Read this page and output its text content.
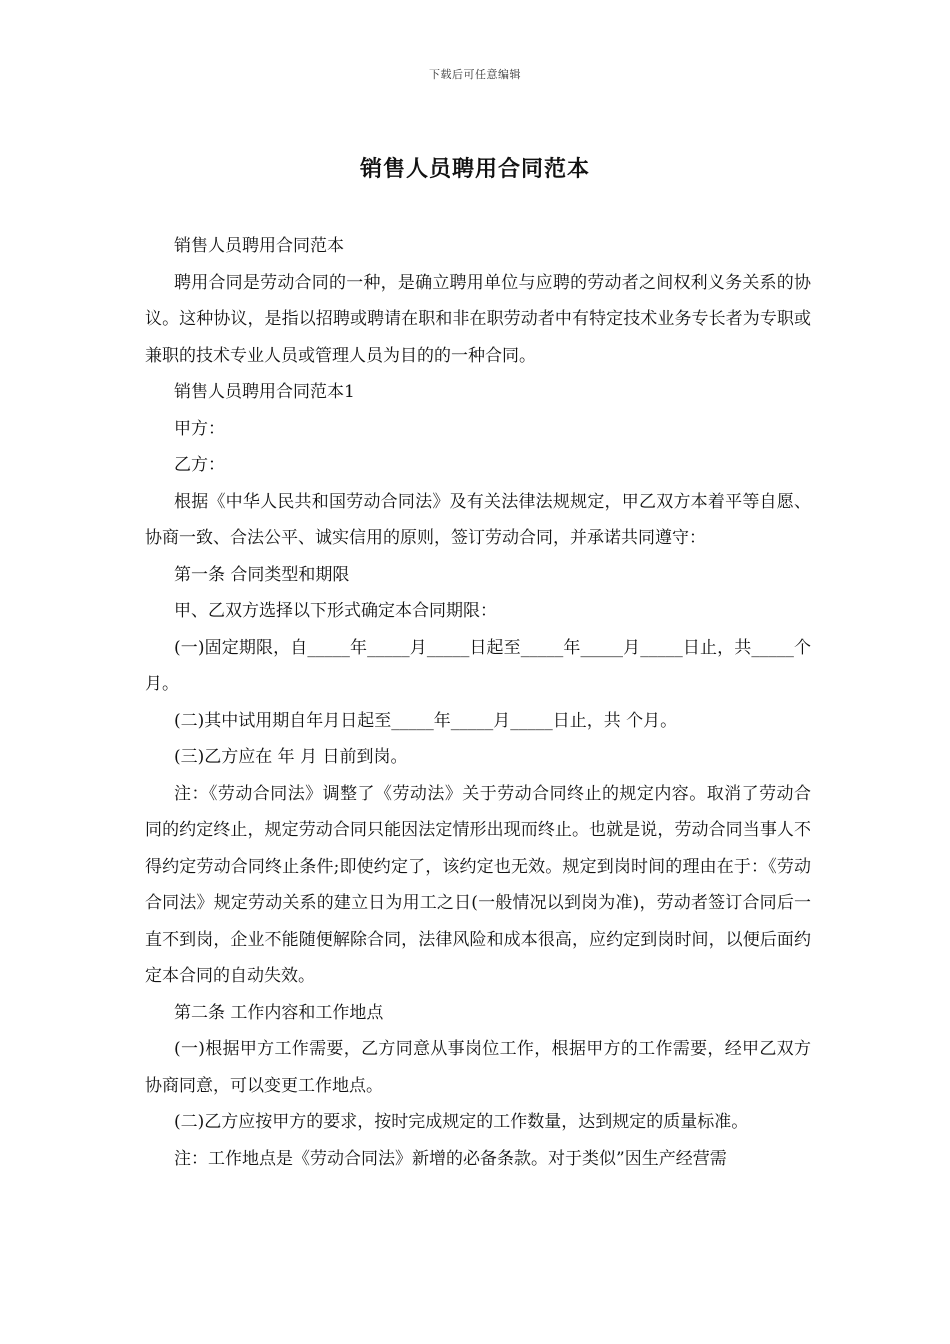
下载后可任意编辑
销售人员聘用合同范本

销售人员聘用合同范本

聘用合同是劳动合同的一种，是确立聘用单位与应聘的劳动者之间权利义务关系的协议。这种协议，是指以招聘或聘请在职和非在职劳动者中有特定技术业务专长者为专职或兼职的技术专业人员或管理人员为目的的一种合同。

销售人员聘用合同范本1

甲方：

乙方：

根据《中华人民共和国劳动合同法》及有关法律法规规定，甲乙双方本着平等自愿、协商一致、合法公平、诚实信用的原则，签订劳动合同，并承诺共同遵守：

第一条 合同类型和期限

甲、乙双方选择以下形式确定本合同期限：

(一)固定期限，自_____年_____月_____日起至_____年_____月_____日止，共_____个月。

(二)其中试用期自年月日起至_____年_____月_____日止，共 个月。

(三)乙方应在 年 月 日前到岗。

注：《劳动合同法》调整了《劳动法》关于劳动合同终止的规定内容。取消了劳动合同的约定终止，规定劳动合同只能因法定情形出现而终止。也就是说，劳动合同当事人不得约定劳动合同终止条件;即使约定了，该约定也无效。规定到岗时间的理由在于：《劳动合同法》规定劳动关系的建立日为用工之日(一般情况以到岗为准)，劳动者签订合同后一直不到岗，企业不能随便解除合同，法律风险和成本很高，应约定到岗时间，以便后面约定本合同的自动失效。

第二条 工作内容和工作地点

(一)根据甲方工作需要，乙方同意从事岗位工作，根据甲方的工作需要，经甲乙双方协商同意，可以变更工作地点。

(二)乙方应按甲方的要求，按时完成规定的工作数量，达到规定的质量标准。

注：工作地点是《劳动合同法》新增的必备条款。对于类似”因生产经营需
